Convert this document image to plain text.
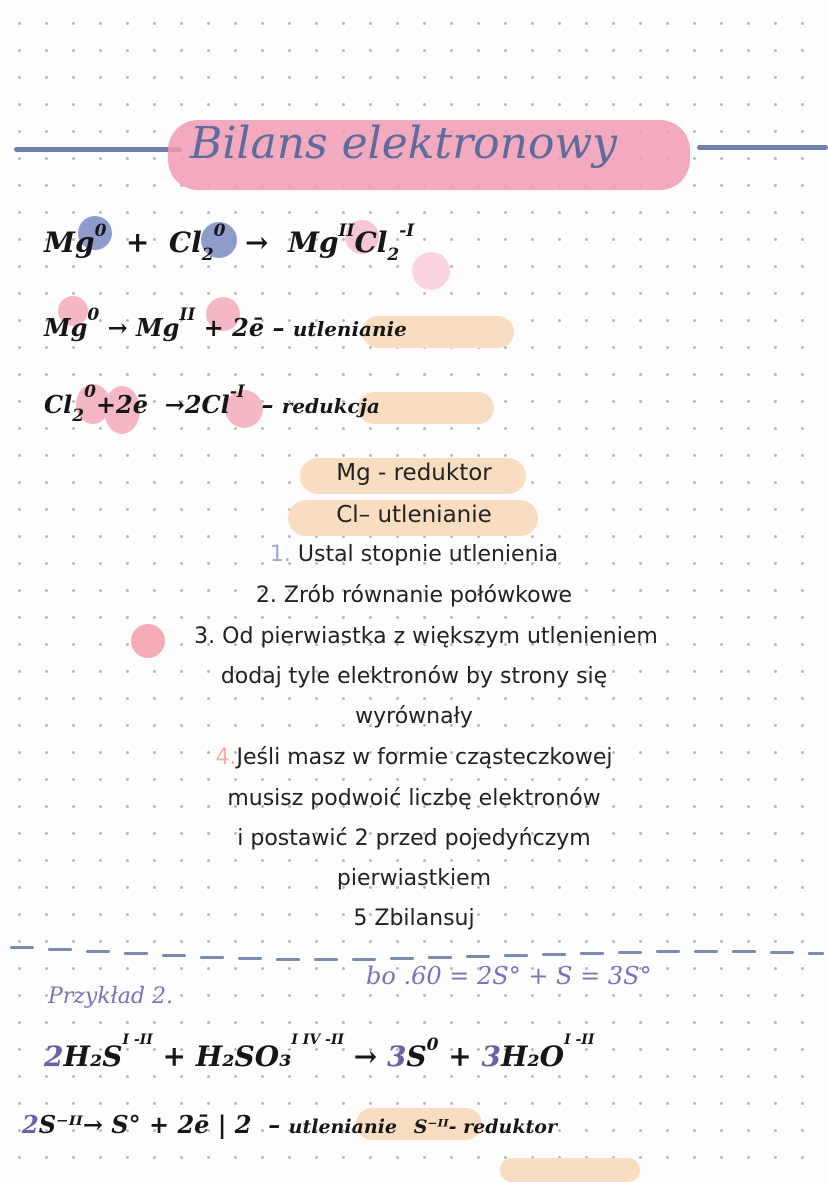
Bilans elektronowy
$Mg^0 + Cl_2^0 \to Mg^{II}Cl_2^{-I}$
$Mg^0 \to Mg^{II}$ + 2ē – utlenianie
$Cl_2^0+2ē \to 2Cl^{-I}$ – redukcja
Mg - reduktor
Cl– utlenianie
1. Ustal stopnie utlenienia
2. Zrób równanie połówkowe
3. Od pierwiastka z większym utlenieniem
dodaj tyle elektronów by strony się
wyrównały
4.Jeśli masz w formie cząsteczkowej
musisz podwoić liczbę elektronów
i postawić 2 przed pojedyńczym
pierwiastkiem
5 Zbilansuj
Przykład 2.
bo .60 = 2S° + S = 3S°
$2H_2S^{I -II} + H_2SO_3^{I IV -II} \to 3S^0 + 3H_2O^{I -II}$
2S⁻ᴵᴵ→ S° + 2ē | 2 – utlenianie S⁻ᴵᴵ- reduktor
